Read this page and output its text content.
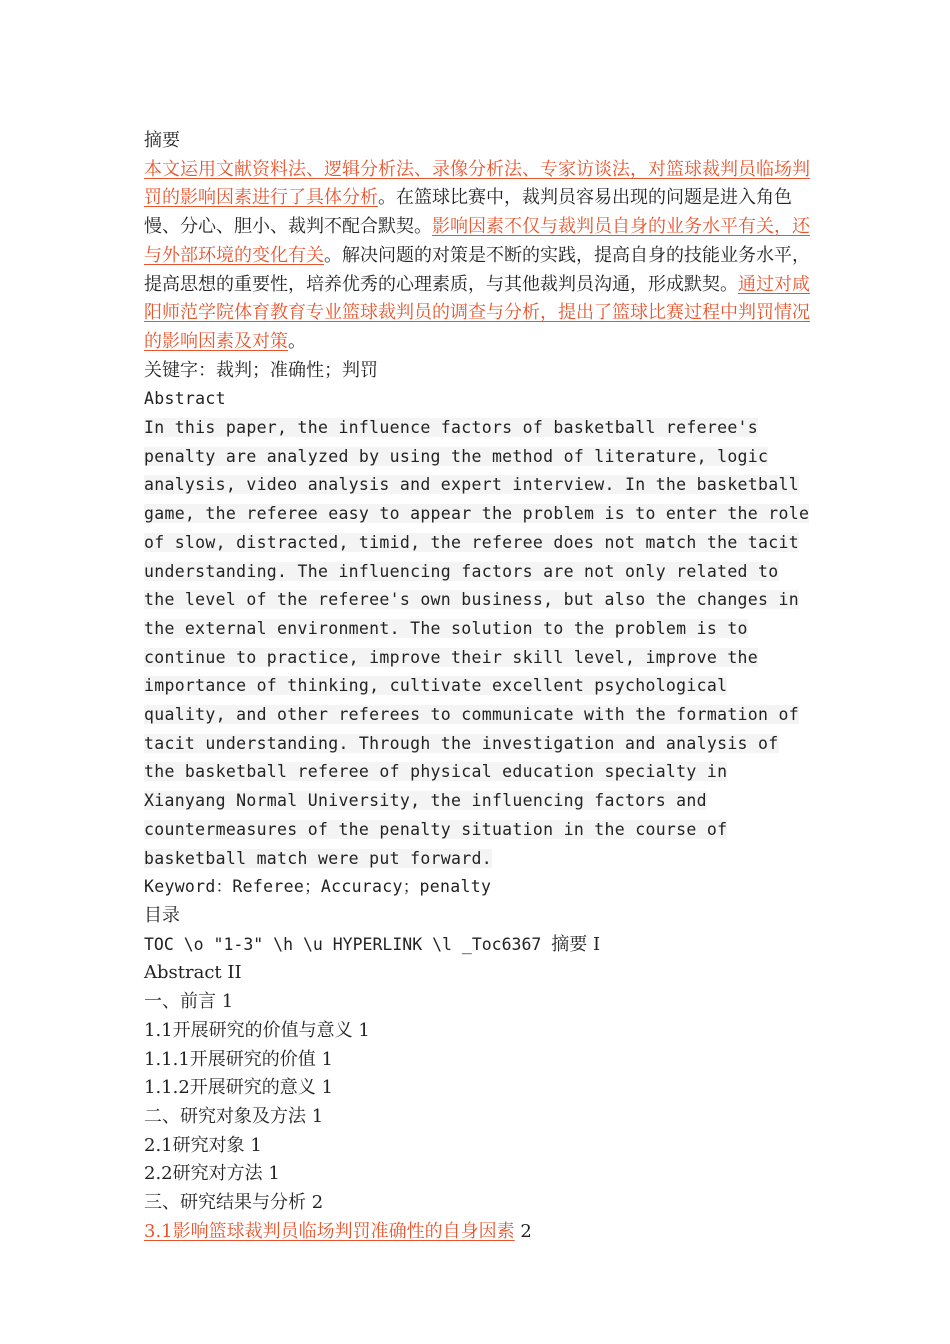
摘要

本文运用文献资料法、逻辑分析法、录像分析法、专家访谈法，对篮球裁判员临场判罚的影响因素进行了具体分析。在篮球比赛中，裁判员容易出现的问题是进入角色慢、分心、胆小、裁判不配合默契。影响因素不仅与裁判员自身的业务水平有关，还与外部环境的变化有关。解决问题的对策是不断的实践，提高自身的技能业务水平，提高思想的重要性，培养优秀的心理素质，与其他裁判员沟通，形成默契。通过对咸阳师范学院体育教育专业篮球裁判员的调查与分析，提出了篮球比赛过程中判罚情况的影响因素及对策。

关键字：裁判；准确性；判罚

Abstract

In this paper, the influence factors of basketball referee's penalty are analyzed by using the method of literature, logic analysis, video analysis and expert interview. In the basketball game, the referee easy to appear the problem is to enter the role of slow, distracted, timid, the referee does not match the tacit understanding. The influencing factors are not only related to the level of the referee's own business, but also the changes in the external environment. The solution to the problem is to continue to practice, improve their skill level, improve the importance of thinking, cultivate excellent psychological quality, and other referees to communicate with the formation of tacit understanding. Through the investigation and analysis of the basketball referee of physical education specialty in Xianyang Normal University, the influencing factors and countermeasures of the penalty situation in the course of basketball match were put forward.

Keyword：Referee；Accuracy；penalty

目录

TOC \o "1-3" \h \u HYPERLINK \l _Toc6367 摘要 I

Abstract II

一、前言 1

1.1开展研究的价值与意义 1

1.1.1开展研究的价值 1

1.1.2开展研究的意义 1

二、研究对象及方法 1

2.1研究对象 1

2.2研究对方法 1

三、研究结果与分析 2

3.1影响篮球裁判员临场判罚准确性的自身因素 2
